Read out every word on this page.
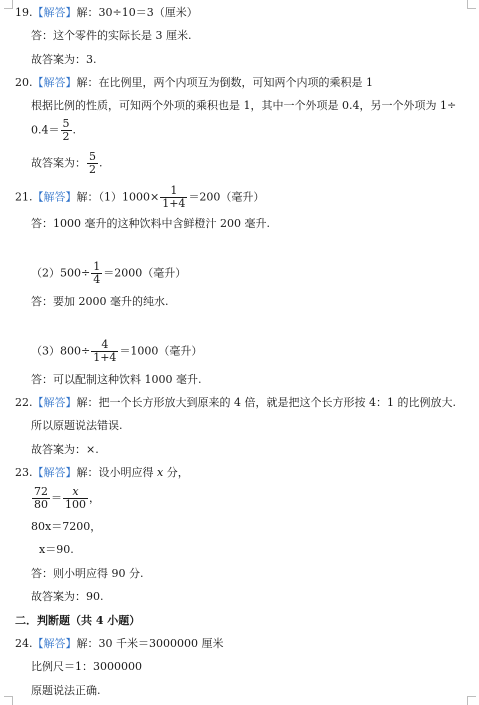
19.【解答】解：30÷10＝3（厘米）
答：这个零件的实际长是 3 厘米.
故答案为：3.
20.【解答】解：在比例里，两个内项互为倒数，可知两个内项的乘积是 1
根据比例的性质，可知两个外项的乘积也是 1，其中一个外项是 0.4，另一个外项为 1÷
$0.4= \frac{5}{2}$ .
故答案为： $\frac{5}{2}$ .
21.【解答】解：$(1)1000\times \frac{1}{1+4} =200$（毫升）
答：1000 毫升的这种饮料中含鲜橙汁 200 毫升.
$(2)500\div \frac{1}{4} =2000$（毫升）
答：要加 2000 毫升的纯水.
$(3)800\div \frac{4}{1+4} =1000$（毫升）
答：可以配制这种饮料 1000 毫升.
22.【解答】解：把一个长方形放大到原来的 4 倍，就是把这个长方形按 4：1 的比例放大.
所以原题说法错误.
故答案为：×.
23.【解答】解：设小明应得 x 分，
$\frac{72}{80} = \frac{x}{100}$ ，
80x＝7200，
x＝90.
答：则小明应得 90 分.
故答案为：90.
二．判断题（共 4 小题）
24.【解答】解：30 千米＝3000000 厘米
比例尺＝1：3000000
原题说法正确.
